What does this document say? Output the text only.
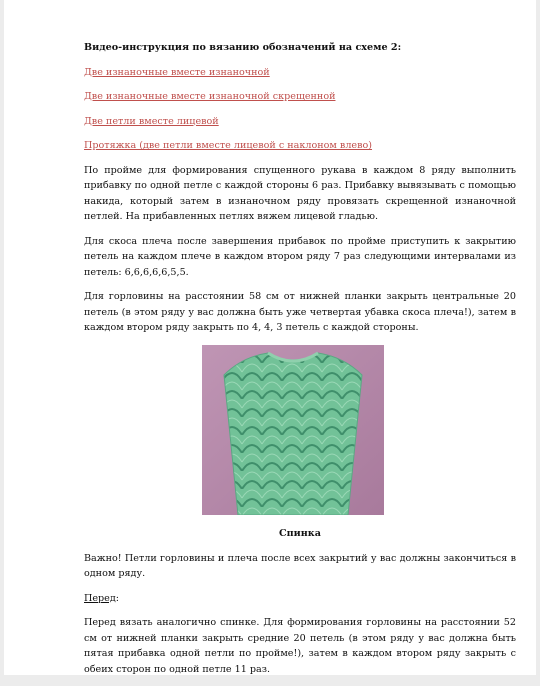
Видео-инструкция по вязанию обозначений на схеме 2:
Две изнаночные вместе изнаночной
Две изнаночные вместе изнаночной скрещенной
Две петли вместе лицевой
Протяжка (две петли вместе лицевой с наклоном влево)

По пройме для формирования спущенного рукава в каждом 8 ряду выполнить прибавку по одной петле с каждой стороны 6 раз. Прибавку вывязывать с помощью накида, который затем в изнаночном ряду провязать скрещенной изнаночной петлей. На прибавленных петлях вяжем лицевой гладью.

Для скоса плеча после завершения прибавок по пройме приступить к закрытию петель на каждом плече в каждом втором ряду 7 раз следующими интервалами из петель: 6,6,6,6,6,5,5.

Для горловины на расстоянии 58 см от нижней планки закрыть центральные 20 петель (в этом ряду у вас должна быть уже четвертая убавка скоса плеча!), затем в каждом втором ряду закрыть по 4, 4, 3 петель с каждой стороны.

Спинка

Важно! Петли горловины и плеча после всех закрытий у вас должны закончиться в одном ряду.

Перед:

Перед вязать аналогично спинке. Для формирования горловины на расстоянии 52 см от нижней планки закрыть средние 20 петель (в этом ряду у вас должна быть пятая прибавка одной петли по пройме!), затем в каждом втором ряду закрыть с обеих сторон по одной петле 11 раз.
